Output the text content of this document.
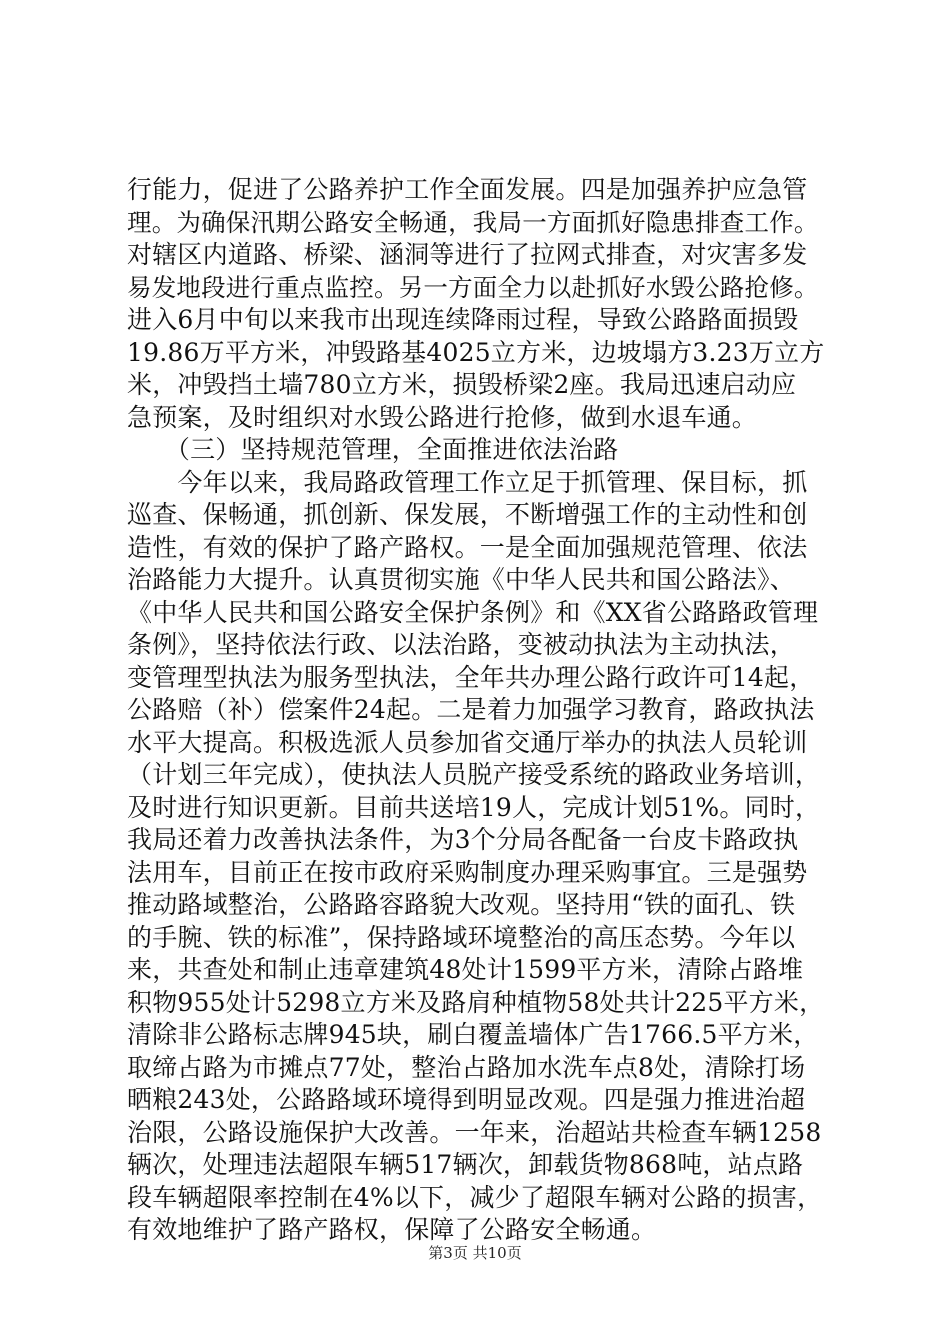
行能力，促进了公路养护工作全面发展。四是加强养护应急管
理。为确保汛期公路安全畅通，我局一方面抓好隐患排查工作。
对辖区内道路、桥梁、涵洞等进行了拉网式排查，对灾害多发
易发地段进行重点监控。另一方面全力以赴抓好水毁公路抢修。
进入6月中旬以来我市出现连续降雨过程，导致公路路面损毁
19.86万平方米，冲毁路基4025立方米，边坡塌方3.23万立方
米，冲毁挡土墙780立方米，损毁桥梁2座。我局迅速启动应
急预案，及时组织对水毁公路进行抢修，做到水退车通。
　　（三）坚持规范管理，全面推进依法治路
　　今年以来，我局路政管理工作立足于抓管理、保目标，抓
巡查、保畅通，抓创新、保发展，不断增强工作的主动性和创
造性，有效的保护了路产路权。一是全面加强规范管理、依法
治路能力大提升。认真贯彻实施《中华人民共和国公路法》、
《中华人民共和国公路安全保护条例》和《XX省公路路政管理
条例》，坚持依法行政、以法治路，变被动执法为主动执法，
变管理型执法为服务型执法，全年共办理公路行政许可14起，
公路赔（补）偿案件24起。二是着力加强学习教育，路政执法
水平大提高。积极选派人员参加省交通厅举办的执法人员轮训
（计划三年完成），使执法人员脱产接受系统的路政业务培训，
及时进行知识更新。目前共送培19人，完成计划51%。同时，
我局还着力改善执法条件，为3个分局各配备一台皮卡路政执
法用车，目前正在按市政府采购制度办理采购事宜。三是强势
推动路域整治，公路路容路貌大改观。坚持用“铁的面孔、铁
的手腕、铁的标准”，保持路域环境整治的高压态势。今年以
来，共查处和制止违章建筑48处计1599平方米，清除占路堆
积物955处计5298立方米及路肩种植物58处共计225平方米，
清除非公路标志牌945块，刷白覆盖墙体广告1766.5平方米，
取缔占路为市摊点77处，整治占路加水洗车点8处，清除打场
晒粮243处，公路路域环境得到明显改观。四是强力推进治超
治限，公路设施保护大改善。一年来，治超站共检查车辆1258
辆次，处理违法超限车辆517辆次，卸载货物868吨，站点路
段车辆超限率控制在4%以下，减少了超限车辆对公路的损害，
有效地维护了路产路权，保障了公路安全畅通。
第3页 共10页
